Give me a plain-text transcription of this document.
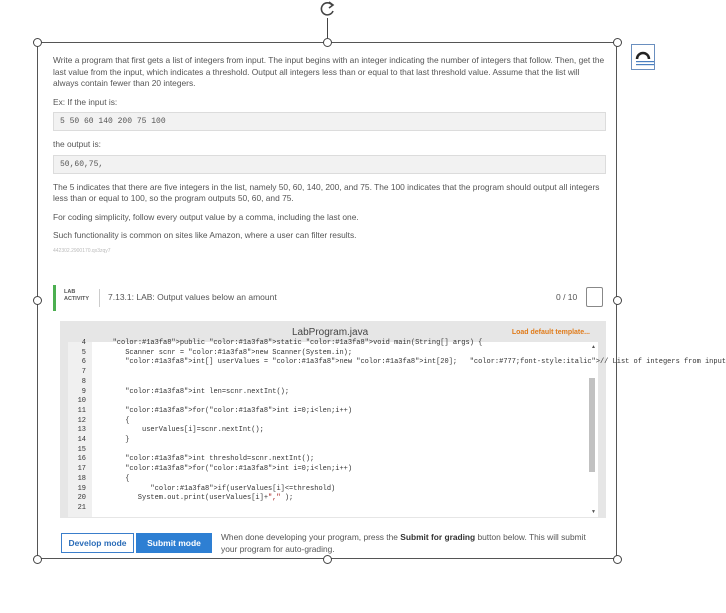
Write a program that first gets a list of integers from input. The input begins with an integer indicating the number of integers that follow. Then, get the last value from the input, which indicates a threshold. Output all integers less than or equal to that last threshold value. Assume that the list will always contain fewer than 20 integers.

Ex: If the input is:

5 50 60 140 200 75 100

the output is:

50,60,75,

The 5 indicates that there are five integers in the list, namely 50, 60, 140, 200, and 75. The 100 indicates that the program should output all integers less than or equal to 100, so the program outputs 50, 60, and 75.

For coding simplicity, follow every output value by a comma, including the last one.

Such functionality is common on sites like Amazon, where a user can filter results.

442302.2900170.qx3zqy7
LAB
ACTIVITY 7.13.1: LAB: Output values below an amount	0 / 10
LabProgram.java	Load default template...
4	"color:#1a3fa8">public "color:#1a3fa8">static "color:#1a3fa8">void main(String[] args) {
5 Scanner scnr = "color:#1a3fa8">new Scanner(System.in);
6	"color:#1a3fa8">int[] userValues = "color:#1a3fa8">new "color:#1a3fa8">int[20];   "color:#777;font-style:italic">// List of integers from input
7
8
9	"color:#1a3fa8">int len=scnr.nextInt();
10
11	"color:#1a3fa8">for("color:#1a3fa8">int i=0;i<len;i++)
12 {
13 userValues[i]=scnr.nextInt();
14 }
15
16	"color:#1a3fa8">int threshold=scnr.nextInt();
17	"color:#1a3fa8">for("color:#1a3fa8">int i=0;i<len;i++)
18 {
19	"color:#1a3fa8">if(userValues[i]<=threshold)
20 System.out.print(userValues[i]+"," );
21
▲
▼
Develop mode	Submit mode
When done developing your program, press the Submit for grading button below. This will submit your program for auto-grading.
